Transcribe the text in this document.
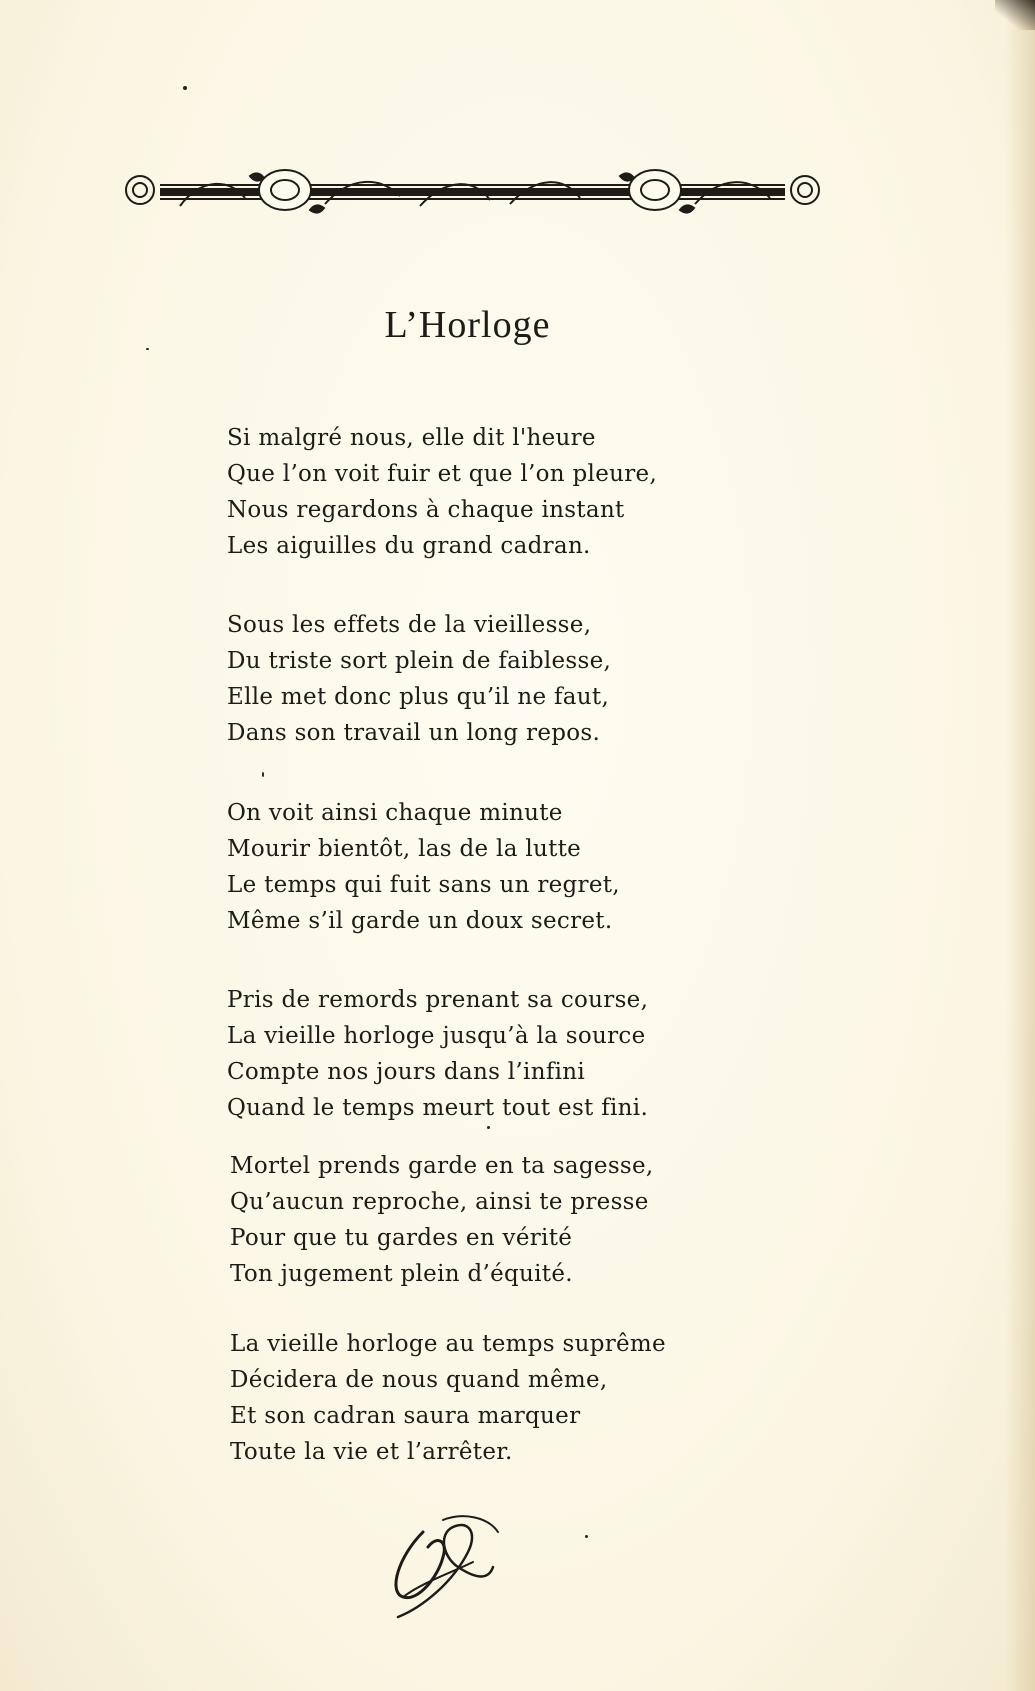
L’Horloge
Si malgré nous, elle dit l'heure
Que l’on voit fuir et que l’on pleure,
Nous regardons à chaque instant
Les aiguilles du grand cadran.
Sous les effets de la vieillesse,
Du triste sort plein de faiblesse,
Elle met donc plus qu’il ne faut,
Dans son travail un long repos.
On voit ainsi chaque minute
Mourir bientôt, las de la lutte
Le temps qui fuit sans un regret,
Même s’il garde un doux secret.
Pris de remords prenant sa course,
La vieille horloge jusqu’à la source
Compte nos jours dans l’infini
Quand le temps meurt tout est fini.
Mortel prends garde en ta sagesse,
Qu’aucun reproche, ainsi te presse
Pour que tu gardes en vérité
Ton jugement plein d’équité.
La vieille horloge au temps suprême
Décidera de nous quand même,
Et son cadran saura marquer
Toute la vie et l’arrêter.
